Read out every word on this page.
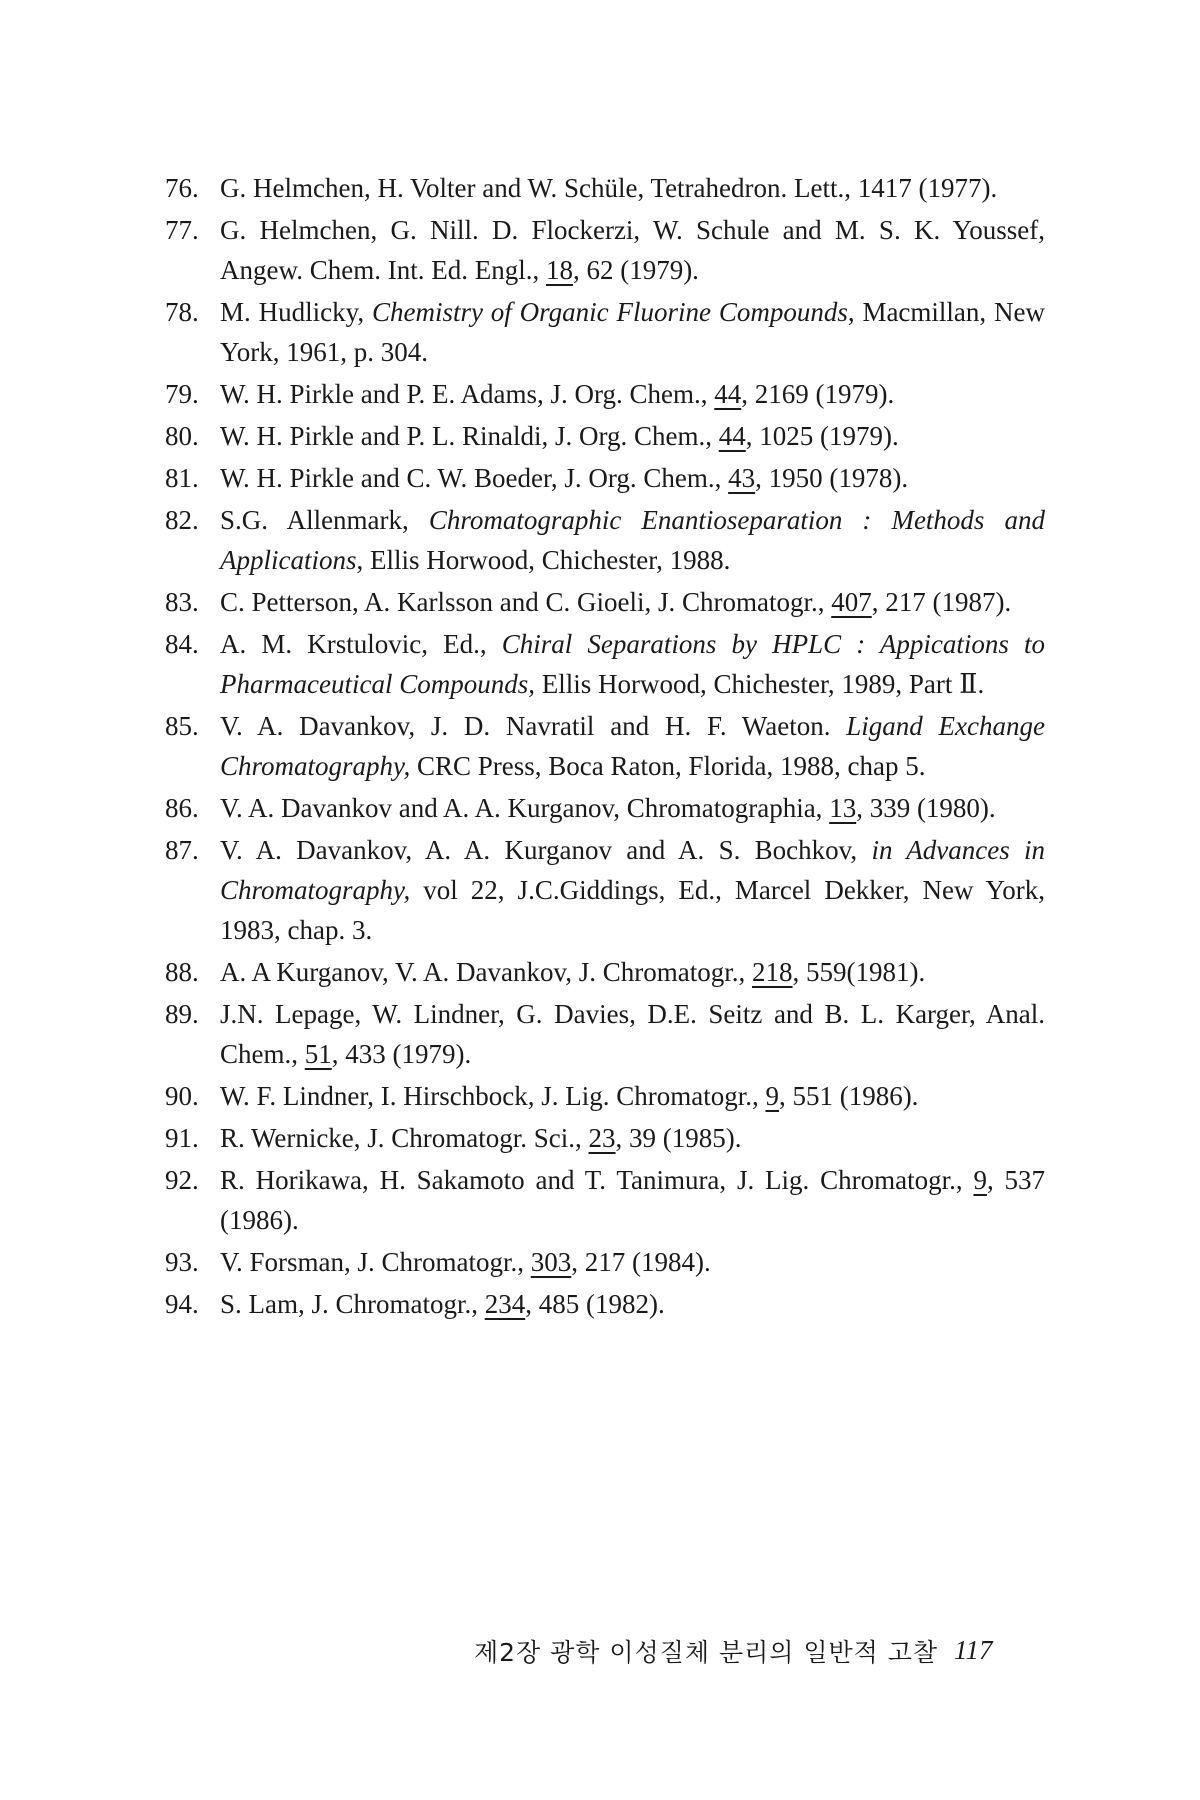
76. G. Helmchen, H. Volter and W. Schüle, Tetrahedron. Lett., 1417 (1977).
77. G. Helmchen, G. Nill. D. Flockerzi, W. Schule and M. S. K. Youssef, Angew. Chem. Int. Ed. Engl., 18, 62 (1979).
78. M. Hudlicky, Chemistry of Organic Fluorine Compounds, Macmillan, New York, 1961, p. 304.
79. W. H. Pirkle and P. E. Adams, J. Org. Chem., 44, 2169 (1979).
80. W. H. Pirkle and P. L. Rinaldi, J. Org. Chem., 44, 1025 (1979).
81. W. H. Pirkle and C. W. Boeder, J. Org. Chem., 43, 1950 (1978).
82. S.G. Allenmark, Chromatographic Enantioseparation : Methods and Applications, Ellis Horwood, Chichester, 1988.
83. C. Petterson, A. Karlsson and C. Gioeli, J. Chromatogr., 407, 217 (1987).
84. A. M. Krstulovic, Ed., Chiral Separations by HPLC : Appications to Pharmaceutical Compounds, Ellis Horwood, Chichester, 1989, Part Ⅱ.
85. V. A. Davankov, J. D. Navratil and H. F. Waeton. Ligand Exchange Chromatography, CRC Press, Boca Raton, Florida, 1988, chap 5.
86. V. A. Davankov and A. A. Kurganov, Chromatographia, 13, 339 (1980).
87. V. A. Davankov, A. A. Kurganov and A. S. Bochkov, in Advances in Chromatography, vol 22, J.C.Giddings, Ed., Marcel Dekker, New York, 1983, chap. 3.
88. A. A Kurganov, V. A. Davankov, J. Chromatogr., 218, 559(1981).
89. J.N. Lepage, W. Lindner, G. Davies, D.E. Seitz and B. L. Karger, Anal. Chem., 51, 433 (1979).
90. W. F. Lindner, I. Hirschbock, J. Lig. Chromatogr., 9, 551 (1986).
91. R. Wernicke, J. Chromatogr. Sci., 23, 39 (1985).
92. R. Horikawa, H. Sakamoto and T. Tanimura, J. Lig. Chromatogr., 9, 537 (1986).
93. V. Forsman, J. Chromatogr., 303, 217 (1984).
94. S. Lam, J. Chromatogr., 234, 485 (1982).
제2장 광학 이성질체 분리의 일반적 고찰 117
